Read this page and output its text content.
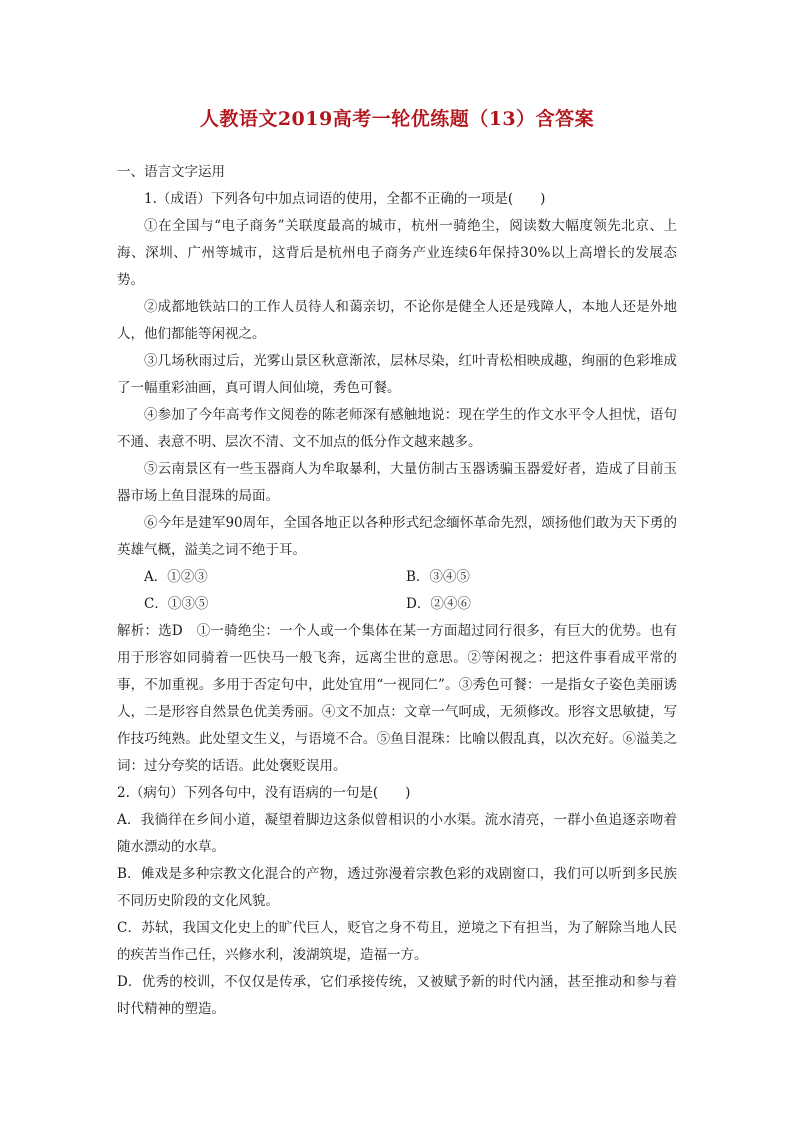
人教语文2019高考一轮优练题（13）含答案

一、语言文字运用

1.（成语）下列各句中加点词语的使用，全都不正确的一项是(　　)

①在全国与“电子商务”关联度最高的城市，杭州一骑绝尘，阅读数大幅度领先北京、上海、深圳、广州等城市，这背后是杭州电子商务产业连续6年保持30%以上高增长的发展态势。

②成都地铁站口的工作人员待人和蔼亲切，不论你是健全人还是残障人，本地人还是外地人，他们都能等闲视之。

③几场秋雨过后，光雾山景区秋意渐浓，层林尽染，红叶青松相映成趣，绚丽的色彩堆成了一幅重彩油画，真可谓人间仙境，秀色可餐。

④参加了今年高考作文阅卷的陈老师深有感触地说：现在学生的作文水平令人担忧，语句不通、表意不明、层次不清、文不加点的低分作文越来越多。

⑤云南景区有一些玉器商人为牟取暴利，大量仿制古玉器诱骗玉器爱好者，造成了目前玉器市场上鱼目混珠的局面。

⑥今年是建军90周年，全国各地正以各种形式纪念缅怀革命先烈，颂扬他们敢为天下勇的英雄气概，溢美之词不绝于耳。

A．①②③	B．③④⑤
C．①③⑤	D．②④⑥

解析：选D　①一骑绝尘：一个人或一个集体在某一方面超过同行很多，有巨大的优势。也有用于形容如同骑着一匹快马一般飞奔，远离尘世的意思。②等闲视之：把这件事看成平常的事，不加重视。多用于否定句中，此处宜用“一视同仁”。③秀色可餐：一是指女子姿色美丽诱人，二是形容自然景色优美秀丽。④文不加点：文章一气呵成，无须修改。形容文思敏捷，写作技巧纯熟。此处望文生义，与语境不合。⑤鱼目混珠：比喻以假乱真，以次充好。⑥溢美之词：过分夸奖的话语。此处褒贬误用。

2.（病句）下列各句中，没有语病的一句是(　　)

A．我徜徉在乡间小道，凝望着脚边这条似曾相识的小水渠。流水清亮，一群小鱼追逐亲吻着随水漂动的水草。

B．傩戏是多种宗教文化混合的产物，透过弥漫着宗教色彩的戏剧窗口，我们可以听到多民族不同历史阶段的文化风貌。

C．苏轼，我国文化史上的旷代巨人，贬官之身不苟且，逆境之下有担当，为了解除当地人民的疾苦当作己任，兴修水利，浚湖筑堤，造福一方。

D．优秀的校训，不仅仅是传承，它们承接传统，又被赋予新的时代内涵，甚至推动和参与着时代精神的塑造。
